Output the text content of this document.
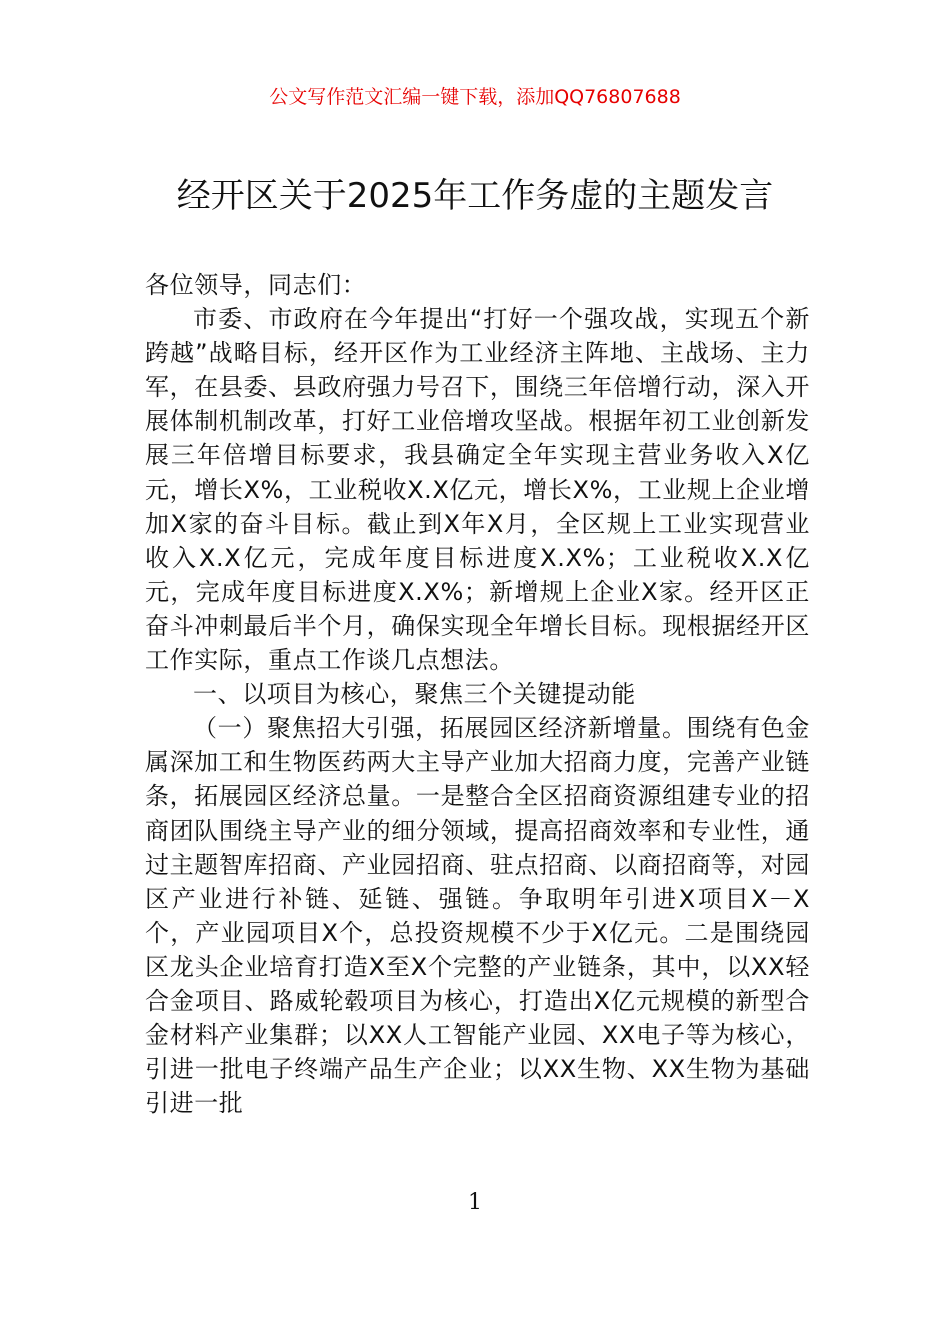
公文写作范文汇编一键下载，添加QQ76807688
经开区关于2025年工作务虚的主题发言

各位领导，同志们：

市委、市政府在今年提出“打好一个强攻战，实现五个新跨越”战略目标，经开区作为工业经济主阵地、主战场、主力军，在县委、县政府强力号召下，围绕三年倍增行动，深入开展体制机制改革，打好工业倍增攻坚战。根据年初工业创新发展三年倍增目标要求，我县确定全年实现主营业务收入X亿元，增长X%，工业税收X.X亿元，增长X%，工业规上企业增加X家的奋斗目标。截止到X年X月，全区规上工业实现营业收入X.X亿元，完成年度目标进度X.X%；工业税收X.X亿元，完成年度目标进度X.X%；新增规上企业X家。经开区正奋斗冲刺最后半个月，确保实现全年增长目标。现根据经开区工作实际，重点工作谈几点想法。

一、以项目为核心，聚焦三个关键提动能

（一）聚焦招大引强，拓展园区经济新增量。围绕有色金属深加工和生物医药两大主导产业加大招商力度，完善产业链条，拓展园区经济总量。一是整合全区招商资源组建专业的招商团队围绕主导产业的细分领域，提高招商效率和专业性，通过主题智库招商、产业园招商、驻点招商、以商招商等，对园区产业进行补链、延链、强链。争取明年引进X项目X－X个，产业园项目X个，总投资规模不少于X亿元。二是围绕园区龙头企业培育打造X至X个完整的产业链条，其中，以XX轻合金项目、路威轮毂项目为核心，打造出X亿元规模的新型合金材料产业集群；以XX人工智能产业园、XX电子等为核心，引进一批电子终端产品生产企业；以XX生物、XX生物为基础引进一批

1
